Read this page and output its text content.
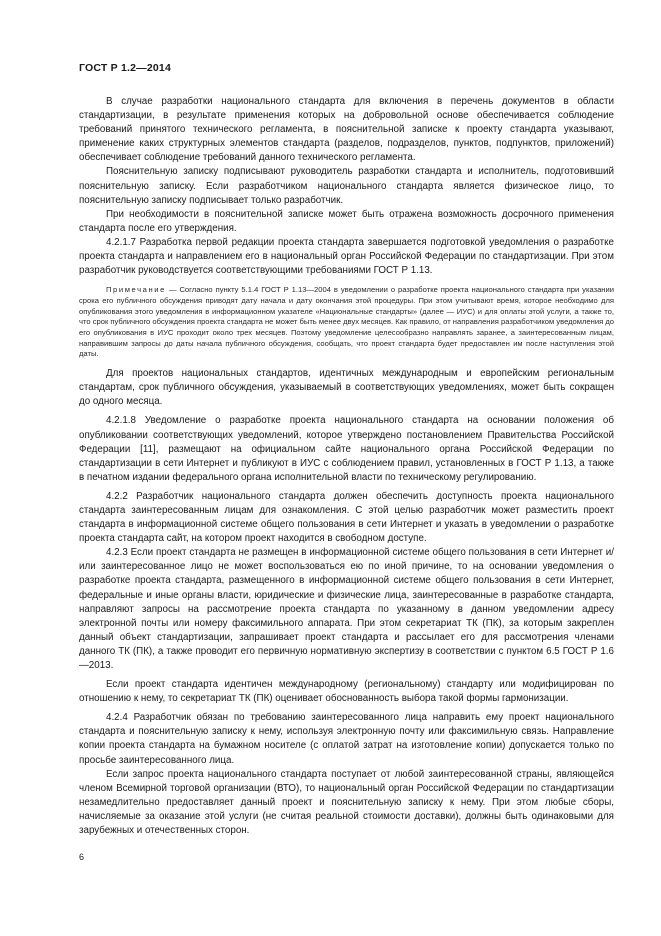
ГОСТ Р 1.2—2014

В случае разработки национального стандарта для включения в перечень документов в области стандартизации, в результате применения которых на добровольной основе обеспечивается соблюдение требований принятого технического регламента, в пояснительной записке к проекту стандарта указывают, применение каких структурных элементов стандарта (разделов, подразделов, пунктов, подпунктов, приложений) обеспечивает соблюдение требований данного технического регламента.

Пояснительную записку подписывают руководитель разработки стандарта и исполнитель, подготовивший пояснительную записку. Если разработчиком национального стандарта является физическое лицо, то пояснительную записку подписывает только разработчик.

При необходимости в пояснительной записке может быть отражена возможность досрочного применения стандарта после его утверждения.

4.2.1.7 Разработка первой редакции проекта стандарта завершается подготовкой уведомления о разработке проекта стандарта и направлением его в национальный орган Российской Федерации по стандартизации. При этом разработчик руководствуется соответствующими требованиями ГОСТ Р 1.13.

Примечание — Согласно пункту 5.1.4 ГОСТ Р 1.13—2004 в уведомлении о разработке проекта национального стандарта при указании срока его публичного обсуждения приводят дату начала и дату окончания этой процедуры. При этом учитывают время, которое необходимо для опубликования этого уведомления в информационном указателе «Национальные стандарты» (далее — ИУС) и для оплаты этой услуги, а также то, что срок публичного обсуждения проекта стандарта не может быть менее двух месяцев. Как правило, от направления разработчиком уведомления до его опубликования в ИУС проходит около трех месяцев. Поэтому уведомление целесообразно направлять заранее, а заинтересованным лицам, направившим запросы до даты начала публичного обсуждения, сообщать, что проект стандарта будет предоставлен им после наступления этой даты.

Для проектов национальных стандартов, идентичных международным и европейским региональным стандартам, срок публичного обсуждения, указываемый в соответствующих уведомлениях, может быть сокращен до одного месяца.

4.2.1.8 Уведомление о разработке проекта национального стандарта на основании положения об опубликовании соответствующих уведомлений, которое утверждено постановлением Правительства Российской Федерации [11], размещают на официальном сайте национального органа Российской Федерации по стандартизации в сети Интернет и публикуют в ИУС с соблюдением правил, установленных в ГОСТ Р 1.13, а также в печатном издании федерального органа исполнительной власти по техническому регулированию.

4.2.2 Разработчик национального стандарта должен обеспечить доступность проекта национального стандарта заинтересованным лицам для ознакомления. С этой целью разработчик может разместить проект стандарта в информационной системе общего пользования в сети Интернет и указать в уведомлении о разработке проекта стандарта сайт, на котором проект находится в свободном доступе.

4.2.3 Если проект стандарта не размещен в информационной системе общего пользования в сети Интернет и/или заинтересованное лицо не может воспользоваться ею по иной причине, то на основании уведомления о разработке проекта стандарта, размещенного в информационной системе общего пользования в сети Интернет, федеральные и иные органы власти, юридические и физические лица, заинтересованные в разработке стандарта, направляют запросы на рассмотрение проекта стандарта по указанному в данном уведомлении адресу электронной почты или номеру факсимильного аппарата. При этом секретариат ТК (ПК), за которым закреплен данный объект стандартизации, запрашивает проект стандарта и рассылает его для рассмотрения членами данного ТК (ПК), а также проводит его первичную нормативную экспертизу в соответствии с пунктом 6.5 ГОСТ Р 1.6—2013.

Если проект стандарта идентичен международному (региональному) стандарту или модифицирован по отношению к нему, то секретариат ТК (ПК) оценивает обоснованность выбора такой формы гармонизации.

4.2.4 Разработчик обязан по требованию заинтересованного лица направить ему проект национального стандарта и пояснительную записку к нему, используя электронную почту или факсимильную связь. Направление копии проекта стандарта на бумажном носителе (с оплатой затрат на изготовление копии) допускается только по просьбе заинтересованного лица.

Если запрос проекта национального стандарта поступает от любой заинтересованной страны, являющейся членом Всемирной торговой организации (ВТО), то национальный орган Российской Федерации по стандартизации незамедлительно предоставляет данный проект и пояснительную записку к нему. При этом любые сборы, начисляемые за оказание этой услуги (не считая реальной стоимости доставки), должны быть одинаковыми для зарубежных и отечественных сторон.

6
